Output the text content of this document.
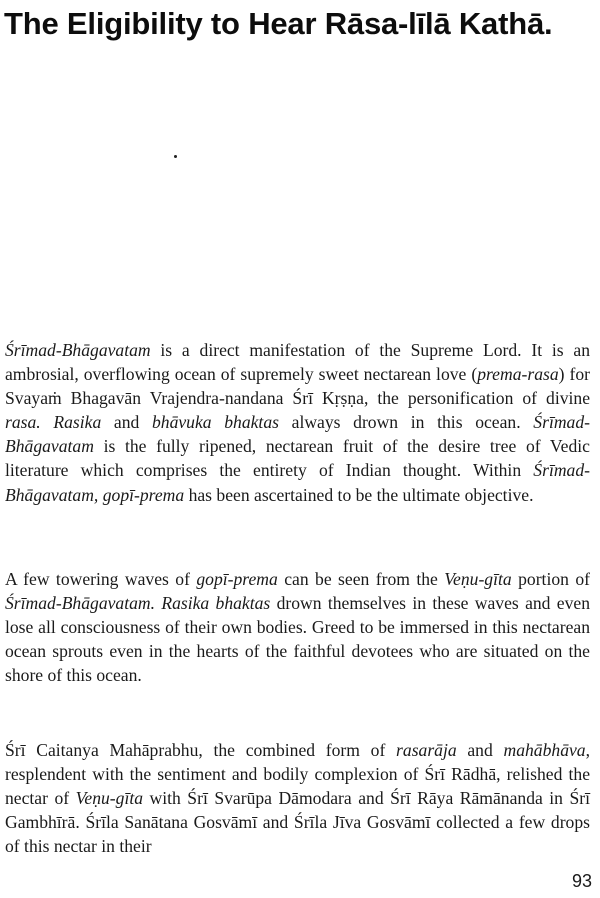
The Eligibility to Hear Rāsa-līlā Kathā.

Śrīmad-Bhāgavatam is a direct manifestation of the Supreme Lord. It is an ambrosial, overflowing ocean of supremely sweet nectarean love (prema-rasa) for Svayaṁ Bhagavān Vrajendra-nandana Śrī Kṛṣṇa, the personification of divine rasa. Rasika and bhāvuka bhaktas always drown in this ocean. Śrīmad-Bhāgavatam is the fully ripened, nectarean fruit of the desire tree of Vedic literature which comprises the entirety of Indian thought. Within Śrīmad-Bhāgavatam, gopī-prema has been ascertained to be the ultimate objective.

A few towering waves of gopī-prema can be seen from the Veṇu-gīta portion of Śrīmad-Bhāgavatam. Rasika bhaktas drown themselves in these waves and even lose all consciousness of their own bodies. Greed to be immersed in this nectarean ocean sprouts even in the hearts of the faithful devotees who are situated on the shore of this ocean.

Śrī Caitanya Mahāprabhu, the combined form of rasarāja and mahābhāva, resplendent with the sentiment and bodily complexion of Śrī Rādhā, relished the nectar of Veṇu-gīta with Śrī Svarūpa Dāmodara and Śrī Rāya Rāmānanda in Śrī Gambhīrā. Śrīla Sanātana Gosvāmī and Śrīla Jīva Gosvāmī collected a few drops of this nectar in their

93
